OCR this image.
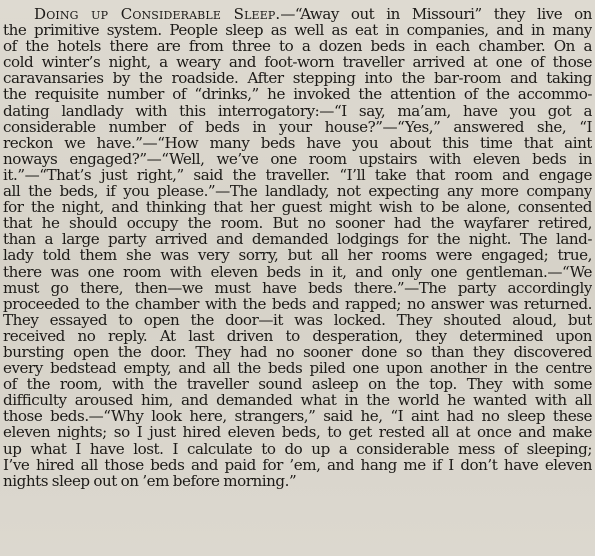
Doing up Considerable Sleep.—“Away out in Missouri” they live on
the primitive system. People sleep as well as eat in companies, and in many
of the hotels there are from three to a dozen beds in each chamber. On a
cold winter’s night, a weary and foot-worn traveller arrived at one of those
caravansaries by the roadside. After stepping into the bar-room and taking
the requisite number of “drinks,” he invoked the attention of the accommo-
dating landlady with this interrogatory:—“I say, ma’am, have you got a
considerable number of beds in your house?”—“Yes,” answered she, “I
reckon we have.”—“How many beds have you about this time that aint
noways engaged?”—“Well, we’ve one room upstairs with eleven beds in
it.”—“That’s just right,” said the traveller. “I’ll take that room and engage
all the beds, if you please.”—The landlady, not expecting any more company
for the night, and thinking that her guest might wish to be alone, consented
that he should occupy the room. But no sooner had the wayfarer retired,
than a large party arrived and demanded lodgings for the night. The land-
lady told them she was very sorry, but all her rooms were engaged; true,
there was one room with eleven beds in it, and only one gentleman.—“We
must go there, then—we must have beds there.”—The party accordingly
proceeded to the chamber with the beds and rapped; no answer was returned.
They essayed to open the door—it was locked. They shouted aloud, but
received no reply. At last driven to desperation, they determined upon
bursting open the door. They had no sooner done so than they discovered
every bedstead empty, and all the beds piled one upon another in the centre
of the room, with the traveller sound asleep on the top. They with some
difficulty aroused him, and demanded what in the world he wanted with all
those beds.—“Why look here, strangers,” said he, “I aint had no sleep these
eleven nights; so I just hired eleven beds, to get rested all at once and make
up what I have lost. I calculate to do up a considerable mess of sleeping;
I’ve hired all those beds and paid for ’em, and hang me if I don’t have eleven
nights sleep out on ’em before morning.”
